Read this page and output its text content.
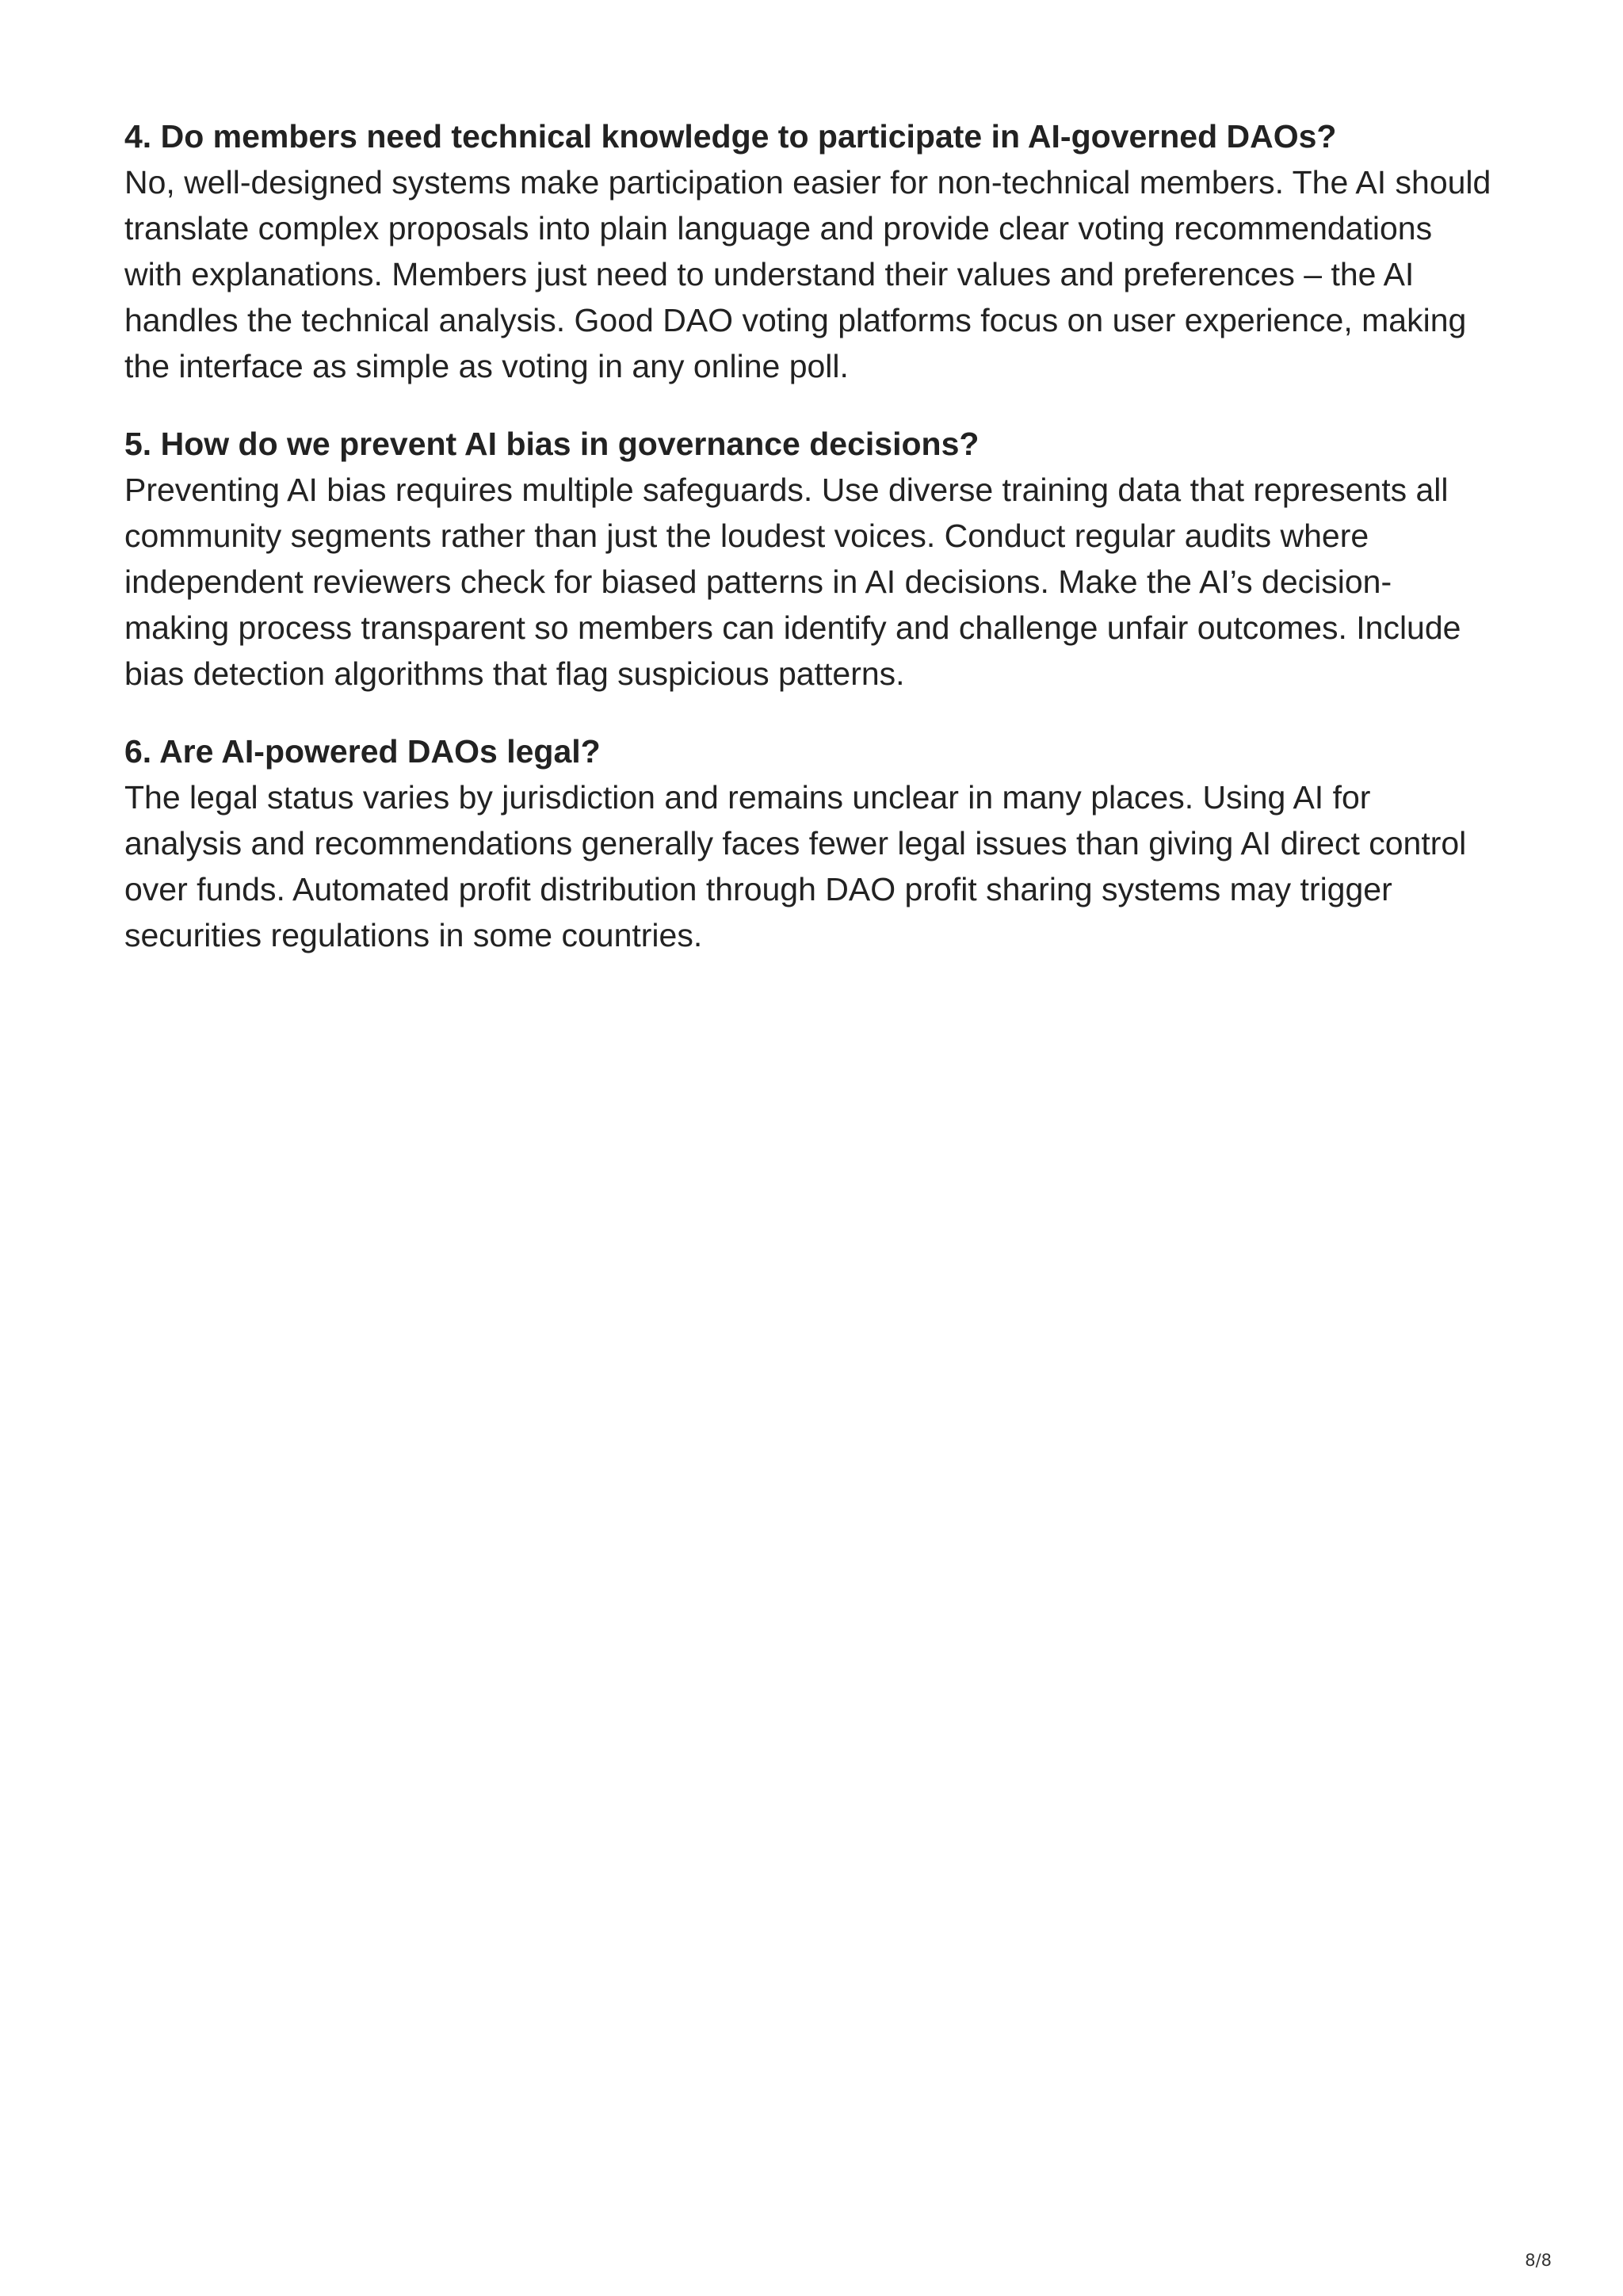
4. Do members need technical knowledge to participate in AI-governed DAOs?
No, well-designed systems make participation easier for non-technical members. The AI should
translate complex proposals into plain language and provide clear voting recommendations
with explanations. Members just need to understand their values and preferences – the AI
handles the technical analysis. Good DAO voting platforms focus on user experience, making
the interface as simple as voting in any online poll.
5. How do we prevent AI bias in governance decisions?
Preventing AI bias requires multiple safeguards. Use diverse training data that represents all
community segments rather than just the loudest voices. Conduct regular audits where
independent reviewers check for biased patterns in AI decisions. Make the AI’s decision-
making process transparent so members can identify and challenge unfair outcomes. Include
bias detection algorithms that flag suspicious patterns.
6. Are AI-powered DAOs legal?
The legal status varies by jurisdiction and remains unclear in many places. Using AI for
analysis and recommendations generally faces fewer legal issues than giving AI direct control
over funds. Automated profit distribution through DAO profit sharing systems may trigger
securities regulations in some countries.
8/8
